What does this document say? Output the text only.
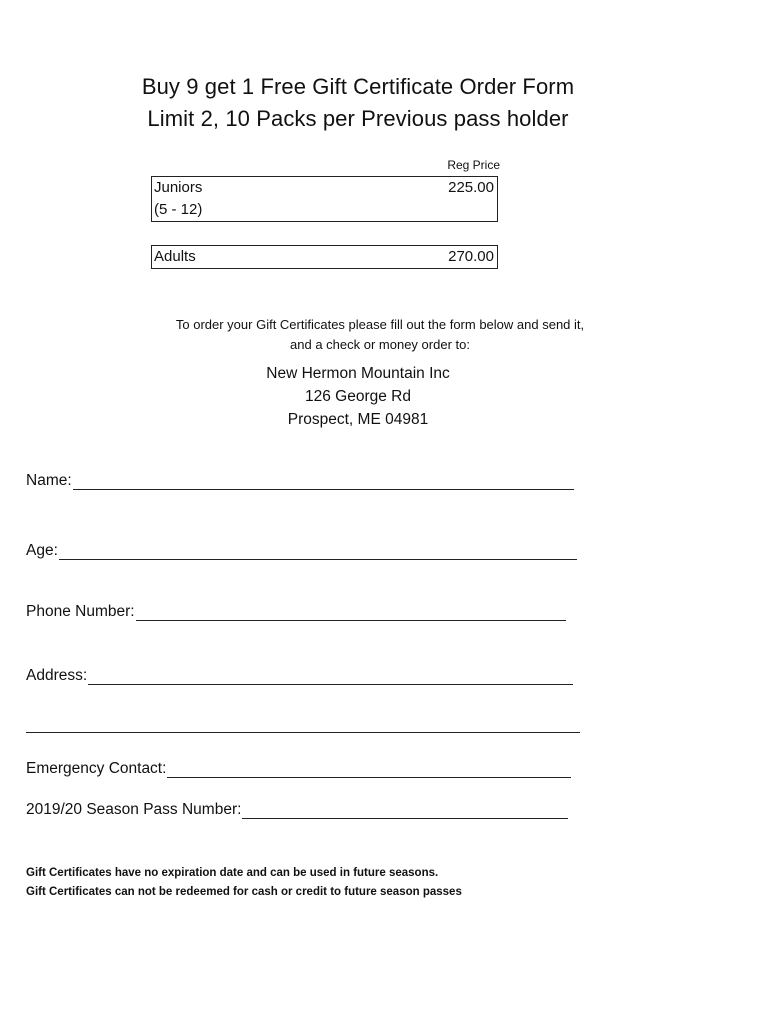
Buy 9 get 1 Free Gift Certificate Order Form
Limit 2, 10 Packs per Previous pass holder
Reg Price
Juniors
(5 - 12)
225.00
Adults	270.00
To order your Gift Certificates please fill out the form below and send it,
and a check or money order to:
New Hermon Mountain Inc
126 George Rd
Prospect, ME 04981
Name:
Age:
Phone Number:
Address:
Emergency Contact:
2019/20 Season Pass Number:
Gift Certificates have no expiration date and can be used in future seasons.
Gift Certificates can not be redeemed for cash or credit to future season passes
